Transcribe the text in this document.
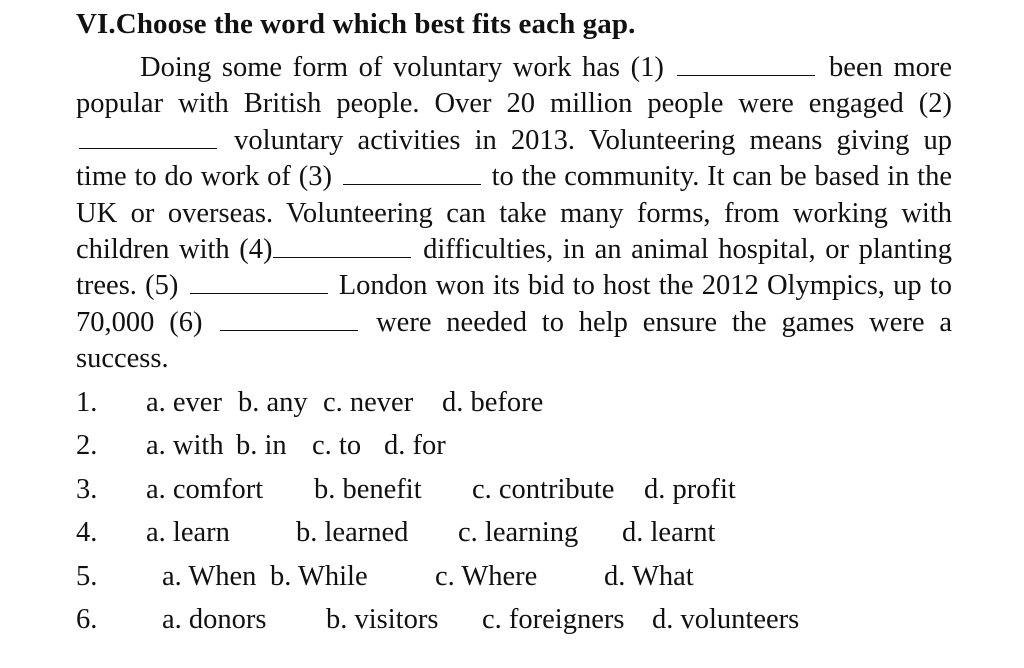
VI.Choose the word which best fits each gap.

Doing some form of voluntary work has (1)	been more popular with British people. Over 20 million people were engaged (2)  voluntary activities in 2013. Volunteering means giving up time to do work of (3)	to the community. It can be based in the UK or overseas. Volunteering can take many forms, from working with children with (4)	difficulties, in an animal hospital, or planting trees. (5)	London won its bid to host the 2012 Olympics, up to 70,000 (6)	were needed to help ensure the games were a success.

1. a. ever b. any c. never d. before
2. a. with b. in c. to d. for
3. a. comfort b. benefit c. contribute d. profit
4. a. learn b. learned c. learning d. learnt
5. a. When b. While c. Where d. What
6. a. donors b. visitors c. foreigners d. volunteers
